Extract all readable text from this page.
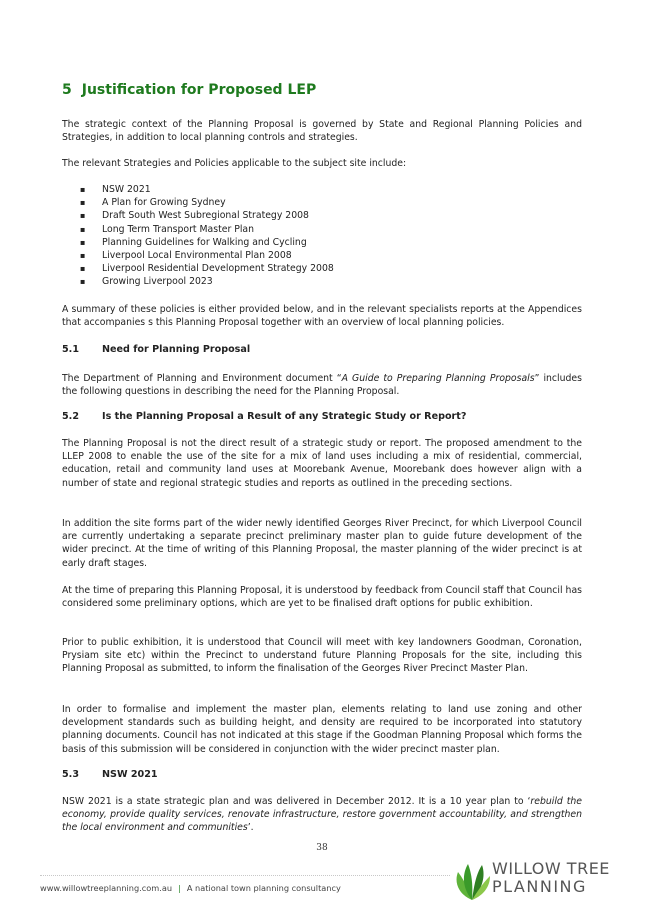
5 Justification for Proposed LEP

The strategic context of the Planning Proposal is governed by State and Regional Planning Policies and Strategies, in addition to local planning controls and strategies.

The relevant Strategies and Policies applicable to the subject site include:

▪ NSW 2021
▪ A Plan for Growing Sydney
▪ Draft South West Subregional Strategy 2008
▪ Long Term Transport Master Plan
▪ Planning Guidelines for Walking and Cycling
▪ Liverpool Local Environmental Plan 2008
▪ Liverpool Residential Development Strategy 2008
▪ Growing Liverpool 2023

A summary of these policies is either provided below, and in the relevant specialists reports at the Appendices that accompanies s this Planning Proposal together with an overview of local planning policies.

5.1 Need for Planning Proposal

The Department of Planning and Environment document “A Guide to Preparing Planning Proposals” includes the following questions in describing the need for the Planning Proposal.

5.2 Is the Planning Proposal a Result of any Strategic Study or Report?

The Planning Proposal is not the direct result of a strategic study or report. The proposed amendment to the LLEP 2008 to enable the use of the site for a mix of land uses including a mix of residential, commercial, education, retail and community land uses at Moorebank Avenue, Moorebank does however align with a number of state and regional strategic studies and reports as outlined in the preceding sections.

In addition the site forms part of the wider newly identified Georges River Precinct, for which Liverpool Council are currently undertaking a separate precinct preliminary master plan to guide future development of the wider precinct. At the time of writing of this Planning Proposal, the master planning of the wider precinct is at early draft stages.

At the time of preparing this Planning Proposal, it is understood by feedback from Council staff that Council has considered some preliminary options, which are yet to be finalised draft options for public exhibition.

Prior to public exhibition, it is understood that Council will meet with key landowners Goodman, Coronation, Prysiam site etc) within the Precinct to understand future Planning Proposals for the site, including this Planning Proposal as submitted, to inform the finalisation of the Georges River Precinct Master Plan.

In order to formalise and implement the master plan, elements relating to land use zoning and other development standards such as building height, and density are required to be incorporated into statutory planning documents. Council has not indicated at this stage if the Goodman Planning Proposal which forms the basis of this submission will be considered in conjunction with the wider precinct master plan.

5.3 NSW 2021

NSW 2021 is a state strategic plan and was delivered in December 2012. It is a 10 year plan to ‘rebuild the economy, provide quality services, renovate infrastructure, restore government accountability, and strengthen the local environment and communities’.

38
www.willowtreeplanning.com.au | A national town planning consultancy
WILLOW TREE
PLANNING
